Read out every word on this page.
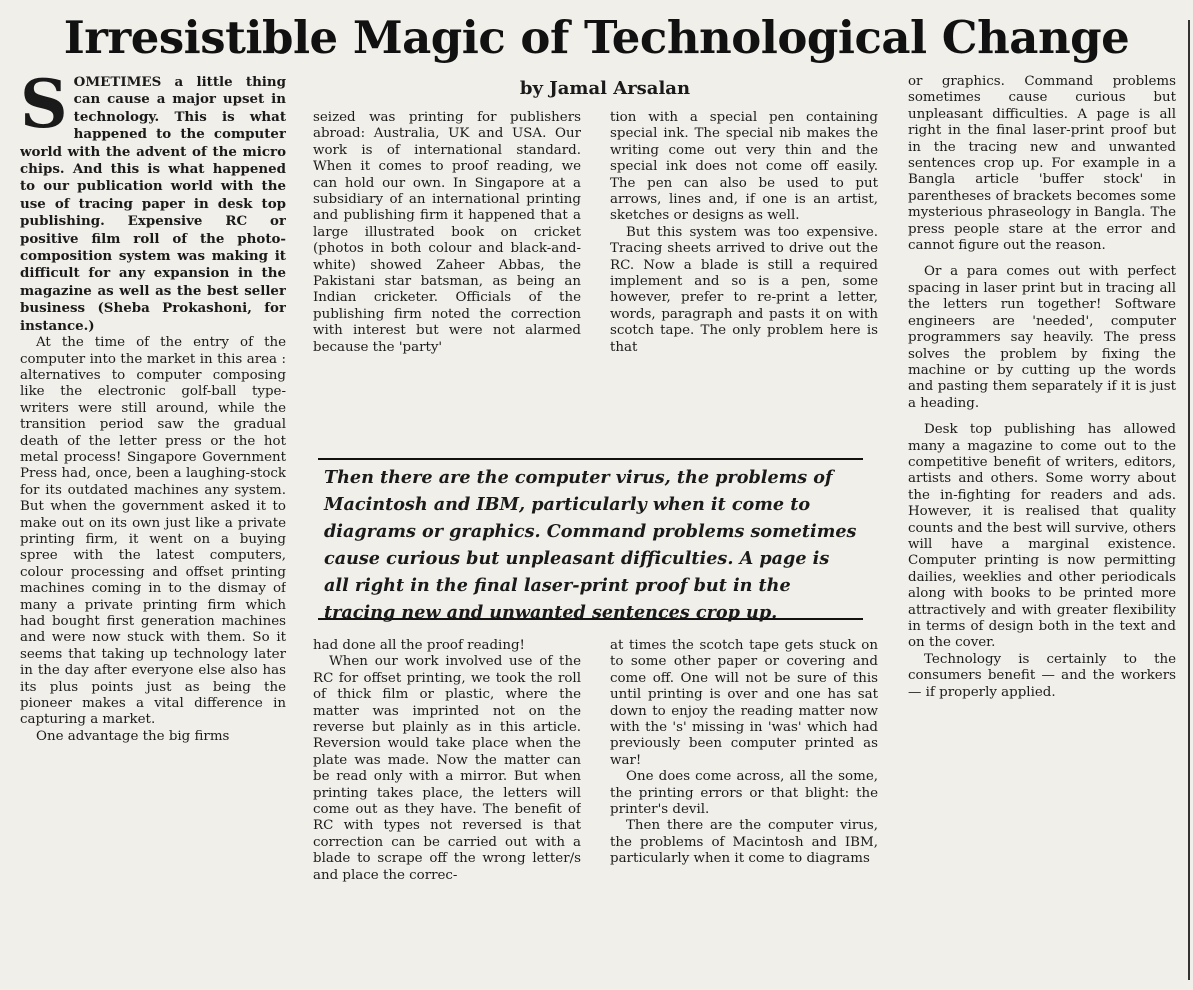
Irresistible Magic of Technological Change
by Jamal Arsalan

SOMETIMES a little thing can cause a major upset in technology. This is what happened to the computer world with the advent of the micro chips. And this is what happened to our publication world with the use of tracing paper in desk top publishing. Expensive RC or positive film roll of the photo-composition system was making it difficult for any expansion in the magazine as well as the best seller business (Sheba Prokashoni, for instance.)

At the time of the entry of the computer into the market in this area : alternatives to computer composing like the electronic golf-ball type-writers were still around, while the transition period saw the gradual death of the letter press or the hot metal process! Singapore Government Press had, once, been a laughing-stock for its outdated machines any system. But when the government asked it to make out on its own just like a private printing firm, it went on a buying spree with the latest computers, colour processing and offset printing machines coming in to the dismay of many a private printing firm which had bought first generation machines and were now stuck with them. So it seems that taking up technology later in the day after everyone else also has its plus points just as being the pioneer makes a vital difference in capturing a market.

One advantage the big firms

seized was printing for publishers abroad: Australia, UK and USA. Our work is of international standard. When it comes to proof reading, we can hold our own. In Singapore at a subsidiary of an international printing and publishing firm it happened that a large illustrated book on cricket (photos in both colour and black-and-white) showed Zaheer Abbas, the Pakistani star batsman, as being an Indian cricketer. Officials of the publishing firm noted the correction with interest but were not alarmed because the 'party'

tion with a special pen containing special ink. The special nib makes the writing come out very thin and the special ink does not come off easily. The pen can also be used to put arrows, lines and, if one is an artist, sketches or designs as well.

But this system was too expensive. Tracing sheets arrived to drive out the RC. Now a blade is still a required implement and so is a pen, some however, prefer to re-print a letter, words, paragraph and pasts it on with scotch tape. The only problem here is that

Then there are the computer virus, the problems of Macintosh and IBM, particularly when it come to diagrams or graphics. Command problems sometimes cause curious but unpleasant difficulties. A page is all right in the final laser-print proof but in the tracing new and unwanted sentences crop up.

had done all the proof reading!

When our work involved use of the RC for offset printing, we took the roll of thick film or plastic, where the matter was imprinted not on the reverse but plainly as in this article. Reversion would take place when the plate was made. Now the matter can be read only with a mirror. But when printing takes place, the letters will come out as they have. The benefit of RC with types not reversed is that correction can be carried out with a blade to scrape off the wrong letter/s and place the correc-

at times the scotch tape gets stuck on to some other paper or covering and come off. One will not be sure of this until printing is over and one has sat down to enjoy the reading matter now with the 's' missing in 'was' which had previously been computer printed as war!

One does come across, all the some, the printing errors or that blight: the printer's devil.

Then there are the computer virus, the problems of Macintosh and IBM, particularly when it come to diagrams

or graphics. Command problems sometimes cause curious but unpleasant difficulties. A page is all right in the final laser-print proof but in the tracing new and unwanted sentences crop up. For example in a Bangla article 'buffer stock' in parentheses of brackets becomes some mysterious phraseology in Bangla. The press people stare at the error and cannot figure out the reason.

Or a para comes out with perfect spacing in laser print but in tracing all the letters run together! Software engineers are 'needed', computer programmers say heavily. The press solves the problem by fixing the machine or by cutting up the words and pasting them separately if it is just a heading.

Desk top publishing has allowed many a magazine to come out to the competitive benefit of writers, editors, artists and others. Some worry about the in-fighting for readers and ads. However, it is realised that quality counts and the best will survive, others will have a marginal existence. Computer printing is now permitting dailies, weeklies and other periodicals along with books to be printed more attractively and with greater flexibility in terms of design both in the text and on the cover.

Technology is certainly to the consumers benefit — and the workers — if properly applied.
